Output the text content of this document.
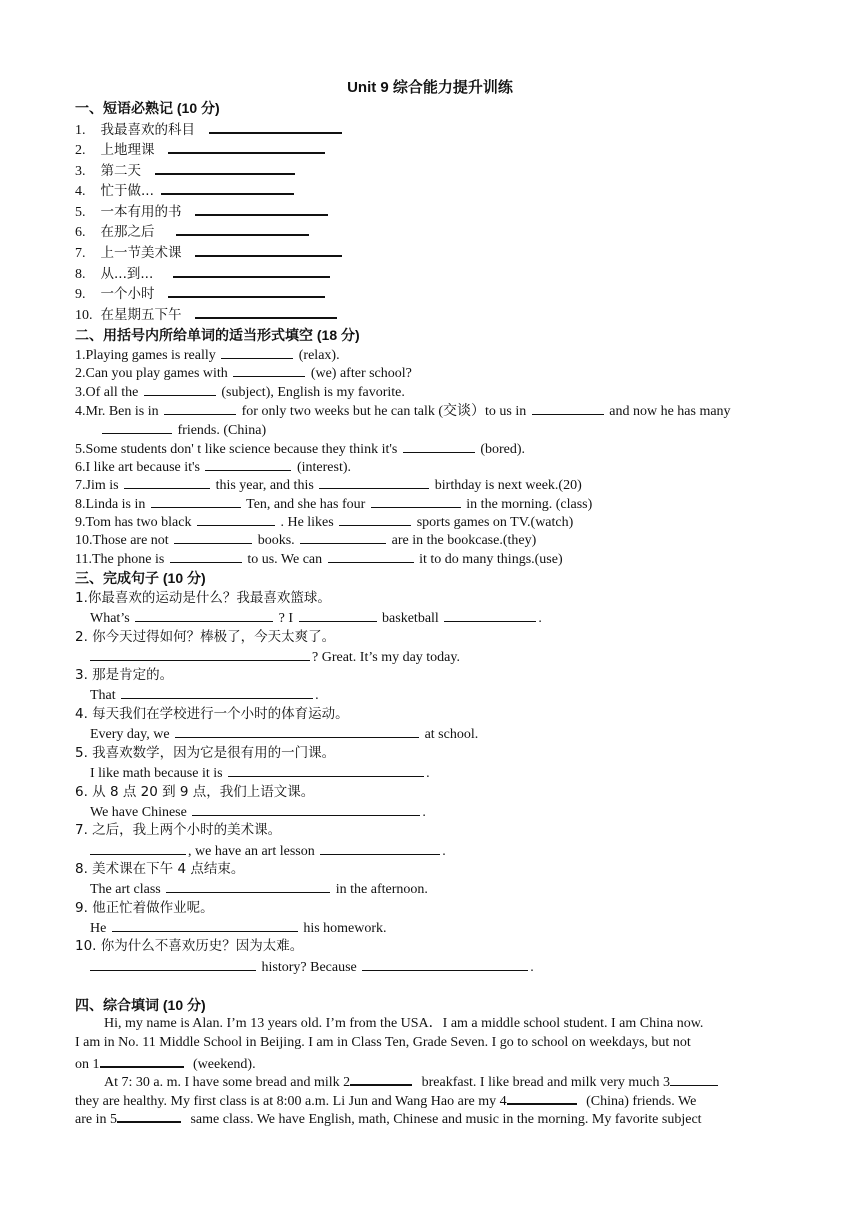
Unit 9 综合能力提升训练
一、短语必熟记 (10 分)
1. 我最喜欢的科目
2. 上地理课
3. 第二天
4. 忙于做...
5. 一本有用的书
6. 在那之后
7. 上一节美术课
8. 从...到...
9. 一个小时
10. 在星期五下午
二、用括号内所给单词的适当形式填空 (18 分)
1.Playing games is really	(relax).
2.Can you play games with	(we) after school?
3.Of all the	(subject), English is my favorite.
4.Mr. Ben is in	for only two weeks but he can talk (交谈）to us in	and now he has many
friends. (China)
5.Some students don' t like science because they think it's	(bored).
6.I like art because it's	(interest).
7.Jim is	this year, and this	birthday is next week.(20)
8.Linda is in	Ten, and she has four	in the morning. (class)
9.Tom has two black	. He likes	sports games on TV.(watch)
10.Those are not	books.	are in the bookcase.(they)
11.The phone is	to us. We can	it to do many things.(use)
三、完成句子 (10 分)
1.你最喜欢的运动是什么？我最喜欢篮球。
What’s	? I	basketball	.
2. 你今天过得如何？棒极了，今天太爽了。
? Great. It’s my day today.
3. 那是肯定的。
That	.
4. 每天我们在学校进行一个小时的体育运动。
Every day, we	at school.
5. 我喜欢数学，因为它是很有用的一门课。
I like math because it is	.
6. 从 8 点 20 到 9 点，我们上语文课。
We have Chinese	.
7. 之后，我上两个小时的美术课。
, we have an art lesson	.
8. 美术课在下午 4 点结束。
The art class	in the afternoon.
9. 他正忙着做作业呢。
He	his homework.
10. 你为什么不喜欢历史？因为太难。
history? Because	.
四、综合填词 (10 分)
Hi, my name is Alan. I’m 13 years old. I’m from the USA．I am a middle school student. I am China now.
I am in No. 11 Middle School in Beijing. I am in Class Ten, Grade Seven. I go to school on weekdays, but not
on 1	(weekend).
At 7: 30 a. m. I have some bread and milk 2	breakfast. I like bread and milk very much 3
they are healthy. My first class is at 8:00 a.m. Li Jun and Wang Hao are my 4	(China) friends. We
are in 5	same class. We have English, math, Chinese and music in the morning. My favorite subject
